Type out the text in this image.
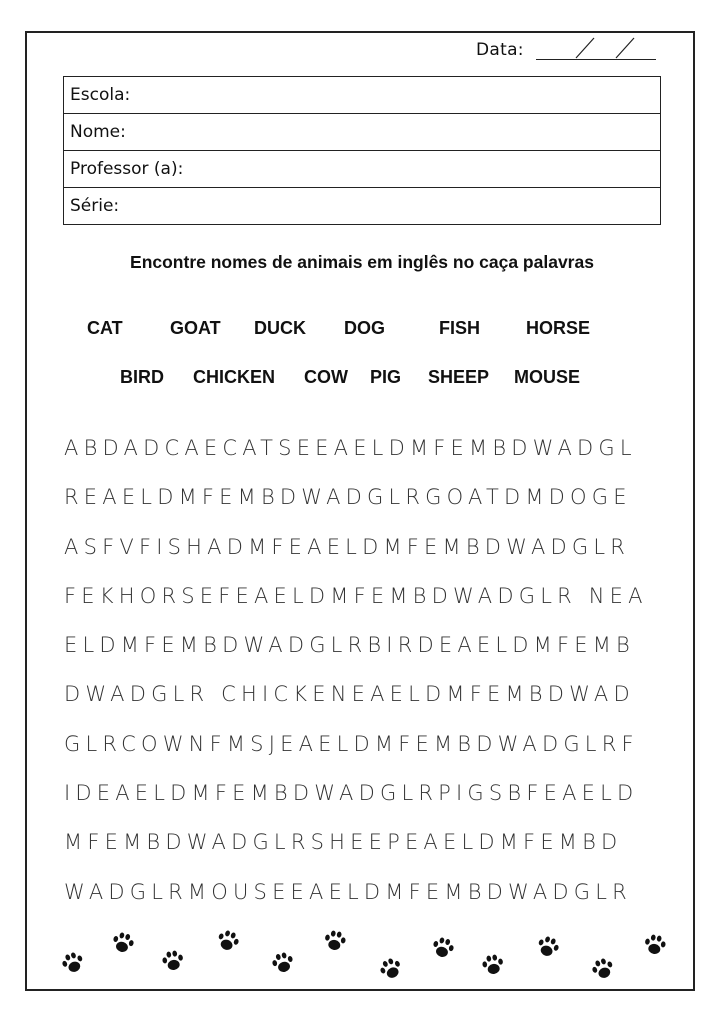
Data:
Escola:
Nome:
Professor (a):
Série:
Encontre nomes de animais em inglês no caça palavras
CAT	GOAT DUCK DOG	FISH	HORSE
BIRD CHICKEN COW PIG SHEEP MOUSE
ABDADCAECATSEEAELDMFEMBDWADGL
REAELDMFEMBDWADGLRGOATDMDOGE
ASFVFISHADMFEAELDMFEMBDWADGLR
FEKHORSEFEAELDMFEMBDWADGLR NEA
ELDMFEMBDWADGLRBIRDEAELDMFEMB
DWADGLR CHICKENEAELDMFEMBDWAD
GLRCOWNFMSJEAELDMFEMBDWADGLRF
IDEAELDMFEMBDWADGLRPIGSBFEAELD
MFEMBDWADGLRSHEEPEAELDMFEMBD
WADGLRMOUSEEAELDMFEMBDWADGLR
